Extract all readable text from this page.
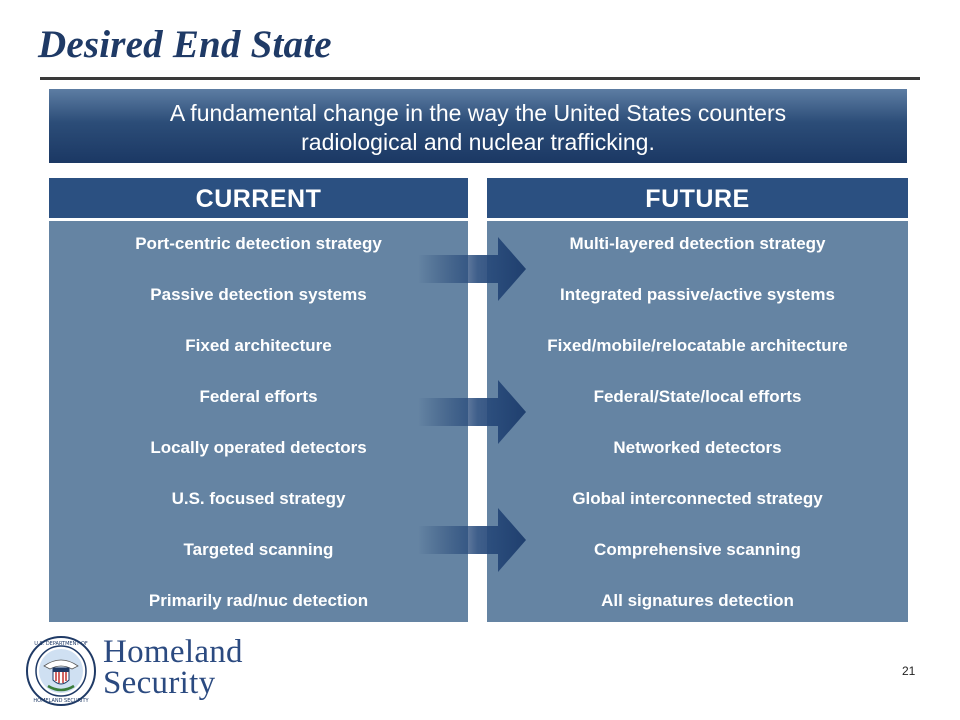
Desired End State
A fundamental change in the way the United States counters
radiological and nuclear trafficking.
CURRENT
Port-centric detection strategy
Passive detection systems
Fixed architecture
Federal efforts
Locally operated detectors
U.S. focused strategy
Targeted scanning
Primarily rad/nuc detection
FUTURE
Multi-layered detection strategy
Integrated passive/active systems
Fixed/mobile/relocatable architecture
Federal/State/local efforts
Networked detectors
Global interconnected strategy
Comprehensive scanning
All signatures detection
U.S. DEPARTMENT OF
HOMELAND SECURITY
Homeland
Security	21
